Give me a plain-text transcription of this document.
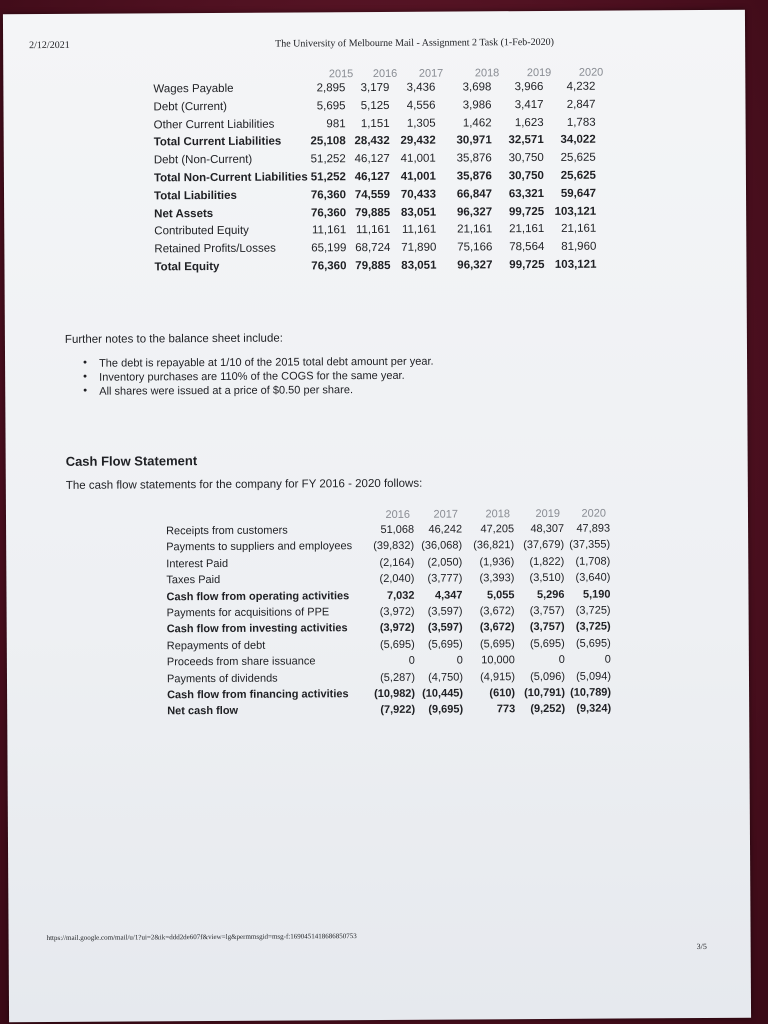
2/12/2021	The University of Melbourne Mail - Assignment 2 Task (1-Feb-2020)
2015	2016	2017	2018	2019	2020
Wages Payable	2,895	3,179	3,436	3,698	3,966	4,232
Debt (Current)	5,695	5,125	4,556	3,986	3,417	2,847
Other Current Liabilities	981	1,151	1,305	1,462	1,623	1,783
Total Current Liabilities	25,108 28,432 29,432	30,971	32,571	34,022
Debt (Non-Current)	51,252 46,127 41,001	35,876	30,750	25,625
Total Non-Current Liabilities 51,252 46,127 41,001	35,876	30,750	25,625
Total Liabilities	76,360 74,559 70,433	66,847	63,321	59,647
Net Assets	76,360 79,885 83,051	96,327	99,725 103,121
Contributed Equity	11,161 11,161	11,161	21,161	21,161	21,161
Retained Profits/Losses	65,199 68,724 71,890	75,166	78,564	81,960
Total Equity	76,360 79,885 83,051	96,327	99,725 103,121
Further notes to the balance sheet include:
• The debt is repayable at 1/10 of the 2015 total debt amount per year.
• Inventory purchases are 110% of the COGS for the same year.
• All shares were issued at a price of $0.50 per share.
Cash Flow Statement
The cash flow statements for the company for FY 2016 - 2020 follows:
2016	2017	2018	2019	2020
Receipts from customers	51,068	46,242	47,205	48,307	47,893
Payments to suppliers and employees	(39,832) (36,068) (36,821) (37,679) (37,355)
Interest Paid	(2,164)	(2,050)	(1,936)	(1,822)	(1,708)
Taxes Paid	(2,040)	(3,777)	(3,393)	(3,510)	(3,640)
Cash flow from operating activities	7,032	4,347	5,055	5,296	5,190
Payments for acquisitions of PPE	(3,972)	(3,597)	(3,672)	(3,757)	(3,725)
Cash flow from investing activities	(3,972)	(3,597)	(3,672)	(3,757)	(3,725)
Repayments of debt	(5,695)	(5,695)	(5,695)	(5,695)	(5,695)
Proceeds from share issuance	0	0	10,000	0	0
Payments of dividends	(5,287)	(4,750)	(4,915)	(5,096)	(5,094)
Cash flow from financing activities	(10,982) (10,445)	(610) (10,791) (10,789)
Net cash flow	(7,922)	(9,695)	773	(9,252)	(9,324)
https://mail.google.com/mail/u/1?ui=2&ik=ddd2de607f&view=lg&permmsgid=msg-f:1690451418686850753
3/5
